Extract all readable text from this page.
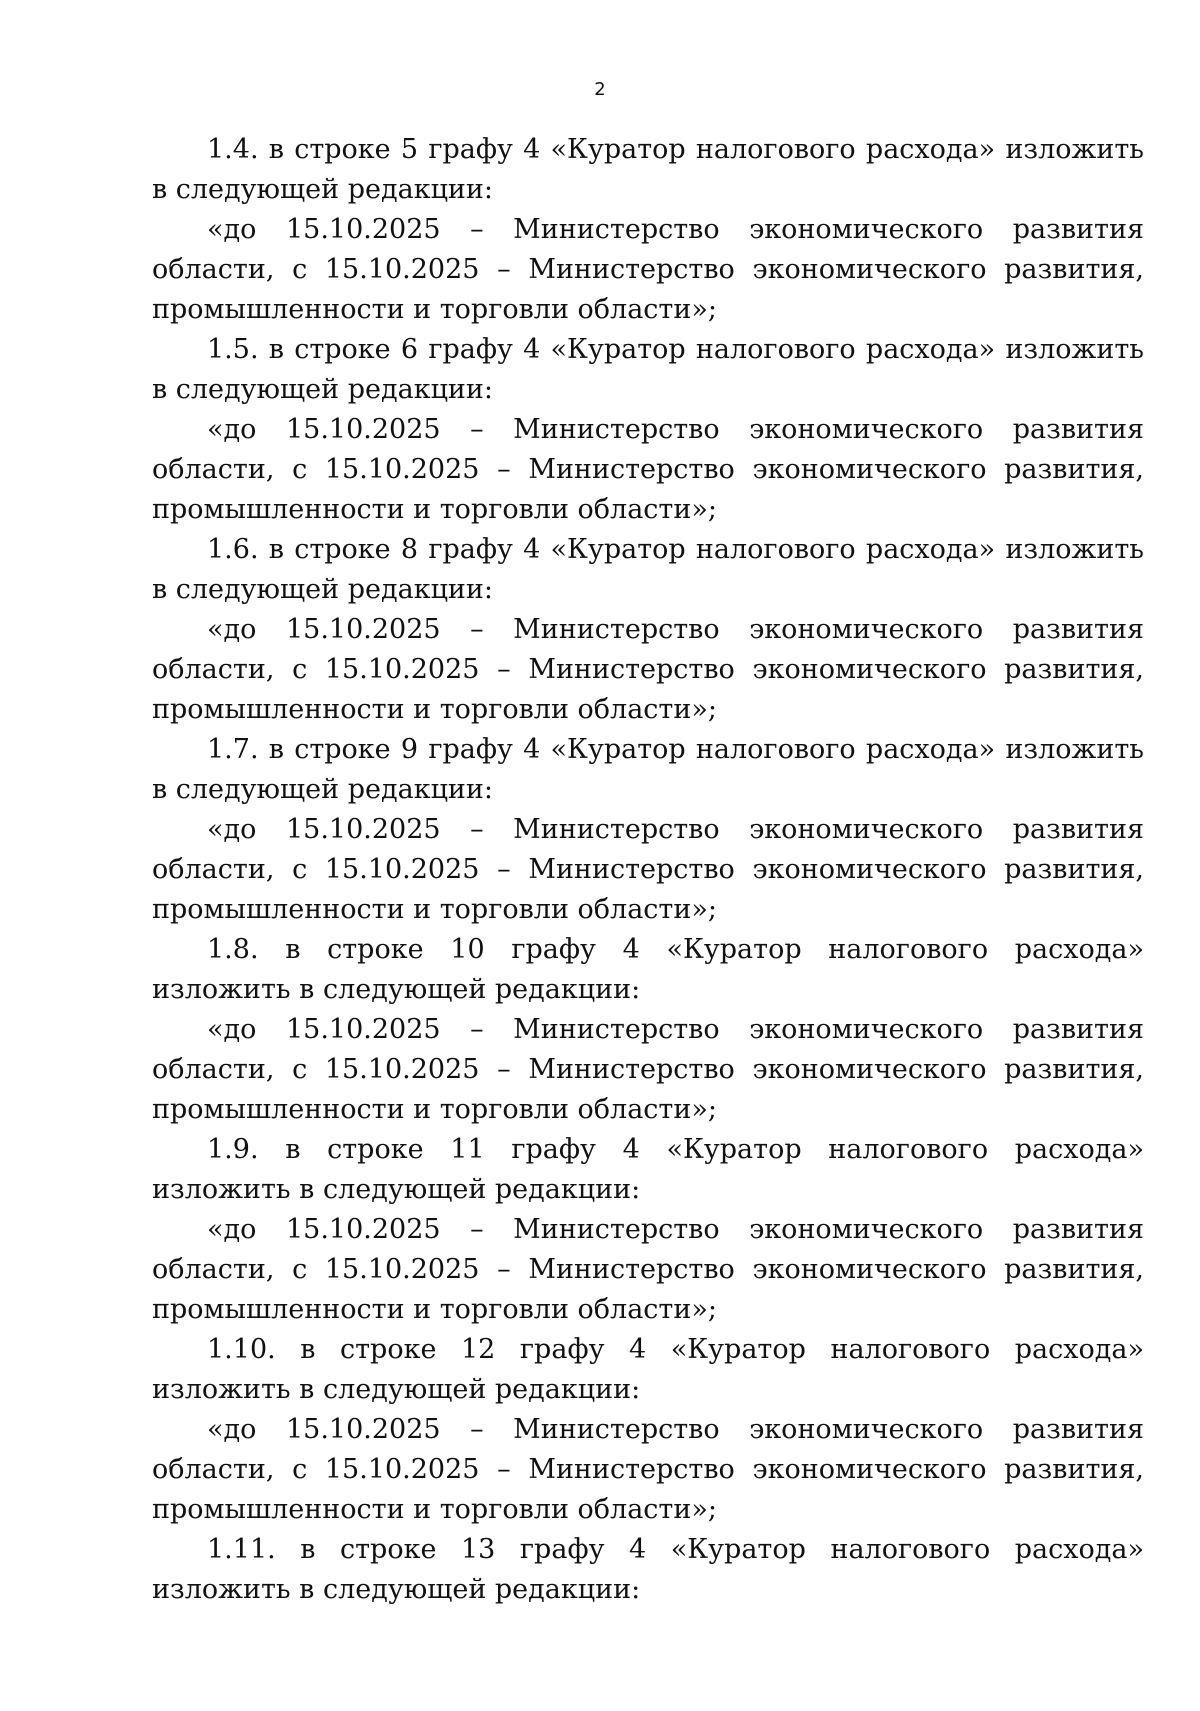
2

1.4. в строке 5 графу 4 «Куратор налогового расхода» изложить в следующей редакции:

«до 15.10.2025 – Министерство экономического развития области, с 15.10.2025 – Министерство экономического развития, промышленности и торговли области»;

1.5. в строке 6 графу 4 «Куратор налогового расхода» изложить в следующей редакции:

«до 15.10.2025 – Министерство экономического развития области, с 15.10.2025 – Министерство экономического развития, промышленности и торговли области»;

1.6. в строке 8 графу 4 «Куратор налогового расхода» изложить в следующей редакции:

«до 15.10.2025 – Министерство экономического развития области, с 15.10.2025 – Министерство экономического развития, промышленности и торговли области»;

1.7. в строке 9 графу 4 «Куратор налогового расхода» изложить в следующей редакции:

«до 15.10.2025 – Министерство экономического развития области, с 15.10.2025 – Министерство экономического развития, промышленности и торговли области»;

1.8. в строке 10 графу 4 «Куратор налогового расхода» изложить в следующей редакции:

«до 15.10.2025 – Министерство экономического развития области, с 15.10.2025 – Министерство экономического развития, промышленности и торговли области»;

1.9. в строке 11 графу 4 «Куратор налогового расхода» изложить в следующей редакции:

«до 15.10.2025 – Министерство экономического развития области, с 15.10.2025 – Министерство экономического развития, промышленности и торговли области»;

1.10. в строке 12 графу 4 «Куратор налогового расхода» изложить в следующей редакции:

«до 15.10.2025 – Министерство экономического развития области, с 15.10.2025 – Министерство экономического развития, промышленности и торговли области»;

1.11. в строке 13 графу 4 «Куратор налогового расхода» изложить в следующей редакции:
